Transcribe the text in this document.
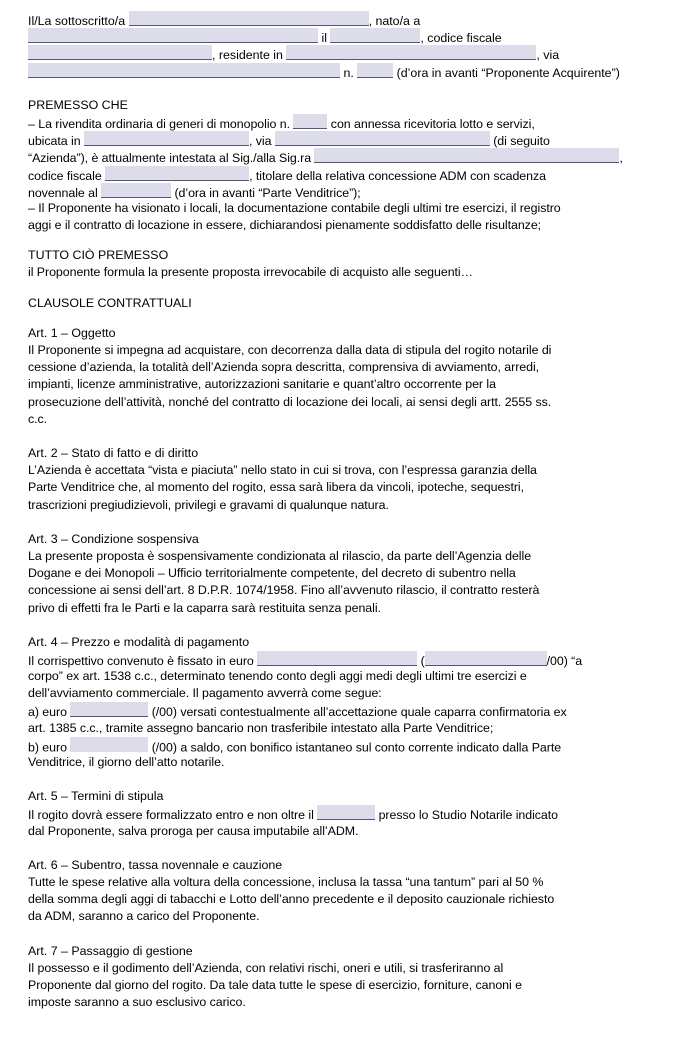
Il/La sottoscritto/a	, nato/a a
il	, codice fiscale
, residente in	, via
n.	(d’ora in avanti “Proponente Acquirente”)
PREMESSO CHE
– La rivendita ordinaria di generi di monopolio n.	con annessa ricevitoria lotto e servizi,
ubicata in	, via	(di seguito
“Azienda”), è attualmente intestata al Sig./alla Sig.ra	,
codice fiscale	, titolare della relativa concessione ADM con scadenza
novennale al	(d’ora in avanti “Parte Venditrice”);
– Il Proponente ha visionato i locali, la documentazione contabile degli ultimi tre esercizi, il registro
aggi e il contratto di locazione in essere, dichiarandosi pienamente soddisfatto delle risultanze;
TUTTO CIÒ PREMESSO
il Proponente formula la presente proposta irrevocabile di acquisto alle seguenti…
CLAUSOLE CONTRATTUALI
Art. 1 – Oggetto
Il Proponente si impegna ad acquistare, con decorrenza dalla data di stipula del rogito notarile di
cessione d’azienda, la totalità dell’Azienda sopra descritta, comprensiva di avviamento, arredi,
impianti, licenze amministrative, autorizzazioni sanitarie e quant’altro occorrente per la
prosecuzione dell’attività, nonché del contratto di locazione dei locali, ai sensi degli artt. 2555 ss.
c.c.
Art. 2 – Stato di fatto e di diritto
L’Azienda è accettata “vista e piaciuta” nello stato in cui si trova, con l’espressa garanzia della
Parte Venditrice che, al momento del rogito, essa sarà libera da vincoli, ipoteche, sequestri,
trascrizioni pregiudizievoli, privilegi e gravami di qualunque natura.
Art. 3 – Condizione sospensiva
La presente proposta è sospensivamente condizionata al rilascio, da parte dell’Agenzia delle
Dogane e dei Monopoli – Ufficio territorialmente competente, del decreto di subentro nella
concessione ai sensi dell’art. 8 D.P.R. 1074/1958. Fino all’avvenuto rilascio, il contratto resterà
privo di effetti fra le Parti e la caparra sarà restituita senza penali.
Art. 4 – Prezzo e modalità di pagamento
Il corrispettivo convenuto è fissato in euro	(	/00) “a
corpo” ex art. 1538 c.c., determinato tenendo conto degli aggi medi degli ultimi tre esercizi e
dell’avviamento commerciale. Il pagamento avverrà come segue:
a) euro	(/00) versati contestualmente all’accettazione quale caparra confirmatoria ex
art. 1385 c.c., tramite assegno bancario non trasferibile intestato alla Parte Venditrice;
b) euro	(/00) a saldo, con bonifico istantaneo sul conto corrente indicato dalla Parte
Venditrice, il giorno dell’atto notarile.
Art. 5 – Termini di stipula
Il rogito dovrà essere formalizzato entro e non oltre il	presso lo Studio Notarile indicato
dal Proponente, salva proroga per causa imputabile all’ADM.
Art. 6 – Subentro, tassa novennale e cauzione
Tutte le spese relative alla voltura della concessione, inclusa la tassa “una tantum” pari al 50 %
della somma degli aggi di tabacchi e Lotto dell’anno precedente e il deposito cauzionale richiesto
da ADM, saranno a carico del Proponente.
Art. 7 – Passaggio di gestione
Il possesso e il godimento dell’Azienda, con relativi rischi, oneri e utili, si trasferiranno al
Proponente dal giorno del rogito. Da tale data tutte le spese di esercizio, forniture, canoni e
imposte saranno a suo esclusivo carico.
